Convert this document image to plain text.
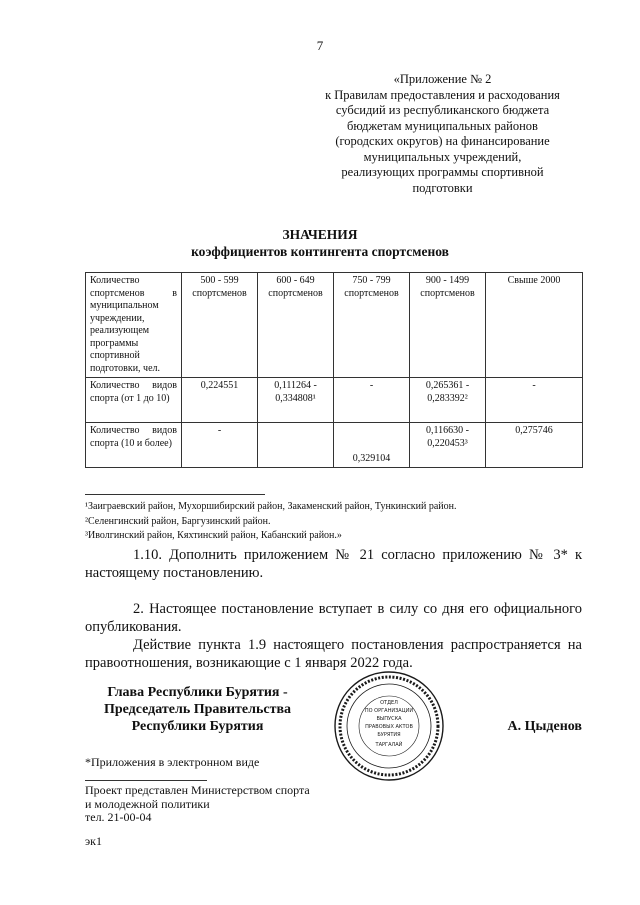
7
«Приложение № 2
к Правилам предоставления и расходования
субсидий из республиканского бюджета
бюджетам муниципальных районов
(городских округов) на финансирование
муниципальных учреждений,
реализующих программы спортивной
подготовки
ЗНАЧЕНИЯ
коэффициентов контингента спортсменов
Количество спортсменов в муниципальном учреждении, реализующем программы спортивной подготовки, чел.	500 - 599 спортсменов	600 - 649 спортсменов	750 - 799 спортсменов	900 - 1499 спортсменов	Свыше 2000
Количество видов спорта (от 1 до 10)	0,224551	0,111264 - 0,334808¹	-	0,265361 - 0,283392²	-
Количество видов спорта (10 и более)	-		0,329104	0,116630 - 0,220453³	0,275746
¹Заиграевский район, Мухоршибирский район, Закаменский район, Тункинский район.
²Селенгинский район, Баргузинский район.
³Иволгинский район, Кяхтинский район, Кабанский район.»
1.10. Дополнить приложением № 21 согласно приложению № 3* к настоящему постановлению.
2. Настоящее постановление вступает в силу со дня его официального опубликования.
Действие пункта 1.9 настоящего постановления распространяется на правоотношения, возникающие с 1 января 2022 года.
Глава Республики Бурятия -
Председатель Правительства
Республики Бурятия
ОТДЕЛ
ПО ОРГАНИЗАЦИИ
ВЫПУСКА
ПРАВОВЫХ АКТОВ
БУРЯТИЯ
ТАРГАЛАЙ
А. Цыденов
*Приложения в электронном виде
Проект представлен Министерством спорта
и молодежной политики
тел. 21-00-04
эк1
